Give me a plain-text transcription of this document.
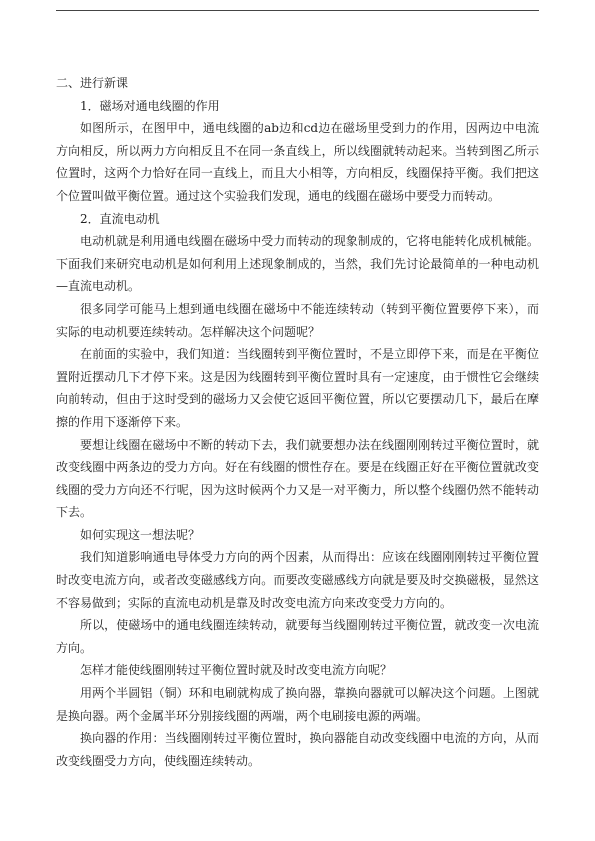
二、进行新课

1．磁场对通电线圈的作用

如图所示，在图甲中，通电线圈的ab边和cd边在磁场里受到力的作用，因两边中电流方向相反，所以两力方向相反且不在同一条直线上，所以线圈就转动起来。当转到图乙所示位置时，这两个力恰好在同一直线上，而且大小相等，方向相反，线圈保持平衡。我们把这个位置叫做平衡位置。通过这个实验我们发现，通电的线圈在磁场中要受力而转动。

2．直流电动机

电动机就是利用通电线圈在磁场中受力而转动的现象制成的，它将电能转化成机械能。下面我们来研究电动机是如何利用上述现象制成的，当然，我们先讨论最简单的一种电动机—直流电动机。

很多同学可能马上想到通电线圈在磁场中不能连续转动（转到平衡位置要停下来），而实际的电动机要连续转动。怎样解决这个问题呢？

在前面的实验中，我们知道：当线圈转到平衡位置时，不是立即停下来，而是在平衡位置附近摆动几下才停下来。这是因为线圈转到平衡位置时具有一定速度，由于惯性它会继续向前转动，但由于这时受到的磁场力又会使它返回平衡位置，所以它要摆动几下，最后在摩擦的作用下逐渐停下来。

要想让线圈在磁场中不断的转动下去，我们就要想办法在线圈刚刚转过平衡位置时，就改变线圈中两条边的受力方向。好在有线圈的惯性存在。要是在线圈正好在平衡位置就改变线圈的受力方向还不行呢，因为这时候两个力又是一对平衡力，所以整个线圈仍然不能转动下去。

如何实现这一想法呢？

我们知道影响通电导体受力方向的两个因素，从而得出：应该在线圈刚刚转过平衡位置时改变电流方向，或者改变磁感线方向。而要改变磁感线方向就是要及时交换磁极，显然这不容易做到；实际的直流电动机是靠及时改变电流方向来改变受力方向的。

所以，使磁场中的通电线圈连续转动，就要每当线圈刚转过平衡位置，就改变一次电流方向。

怎样才能使线圈刚转过平衡位置时就及时改变电流方向呢？

用两个半圆铝（铜）环和电刷就构成了换向器，靠换向器就可以解决这个问题。上图就是换向器。两个金属半环分别接线圈的两端，两个电刷接电源的两端。

换向器的作用：当线圈刚转过平衡位置时，换向器能自动改变线圈中电流的方向，从而改变线圈受力方向，使线圈连续转动。
